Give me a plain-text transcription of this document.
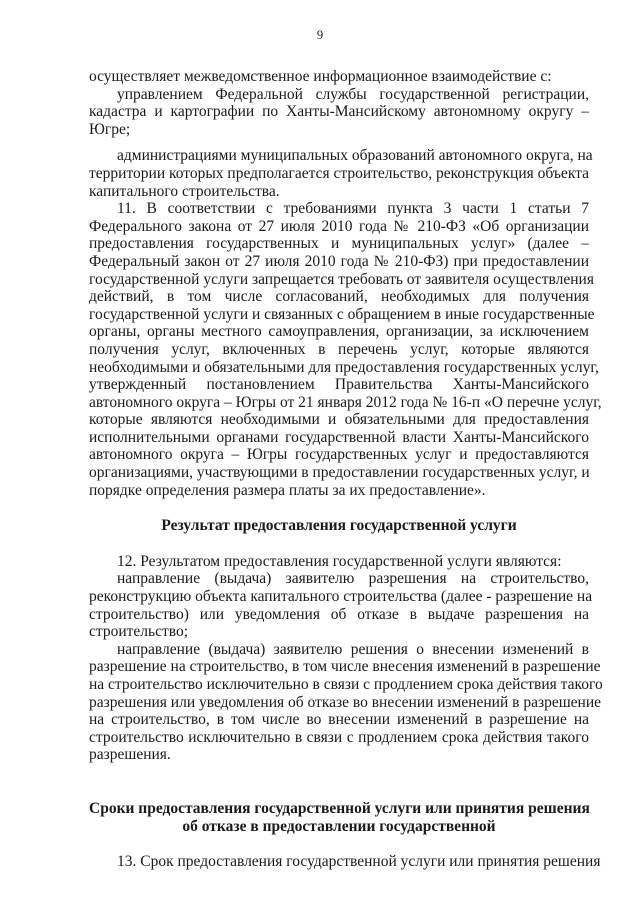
9
осуществляет межведомственное информационное взаимодействие с:
управлением Федеральной службы государственной регистрации,
кадастра и картографии по Ханты-Мансийскому автономному округу –
Югре;
администрациями муниципальных образований автономного округа, на
территории которых предполагается строительство, реконструкция объекта
капитального строительства.
11. В соответствии с требованиями пункта 3 части 1 статьи 7
Федерального закона от 27 июля 2010 года № 210-ФЗ «Об организации
предоставления государственных и муниципальных услуг» (далее –
Федеральный закон от 27 июля 2010 года № 210-ФЗ) при предоставлении
государственной услуги запрещается требовать от заявителя осуществления
действий, в том числе согласований, необходимых для получения
государственной услуги и связанных с обращением в иные государственные
органы, органы местного самоуправления, организации, за исключением
получения услуг, включенных в перечень услуг, которые являются
необходимыми и обязательными для предоставления государственных услуг,
утвержденный постановлением Правительства Ханты-Мансийского
автономного округа – Югры от 21 января 2012 года № 16-п «О перечне услуг,
которые являются необходимыми и обязательными для предоставления
исполнительными органами государственной власти Ханты-Мансийского
автономного округа – Югры государственных услуг и предоставляются
организациями, участвующими в предоставлении государственных услуг, и
порядке определения размера платы за их предоставление».
Результат предоставления государственной услуги
12. Результатом предоставления государственной услуги являются:
направление (выдача) заявителю разрешения на строительство,
реконструкцию объекта капитального строительства (далее - разрешение на
строительство) или уведомления об отказе в выдаче разрешения на
строительство;
направление (выдача) заявителю решения о внесении изменений в
разрешение на строительство, в том числе внесения изменений в разрешение
на строительство исключительно в связи с продлением срока действия такого
разрешения или уведомления об отказе во внесении изменений в разрешение
на строительство, в том числе во внесении изменений в разрешение на
строительство исключительно в связи с продлением срока действия такого
разрешения.
Сроки предоставления государственной услуги или принятия решения
об отказе в предоставлении государственной
13. Срок предоставления государственной услуги или принятия решения
